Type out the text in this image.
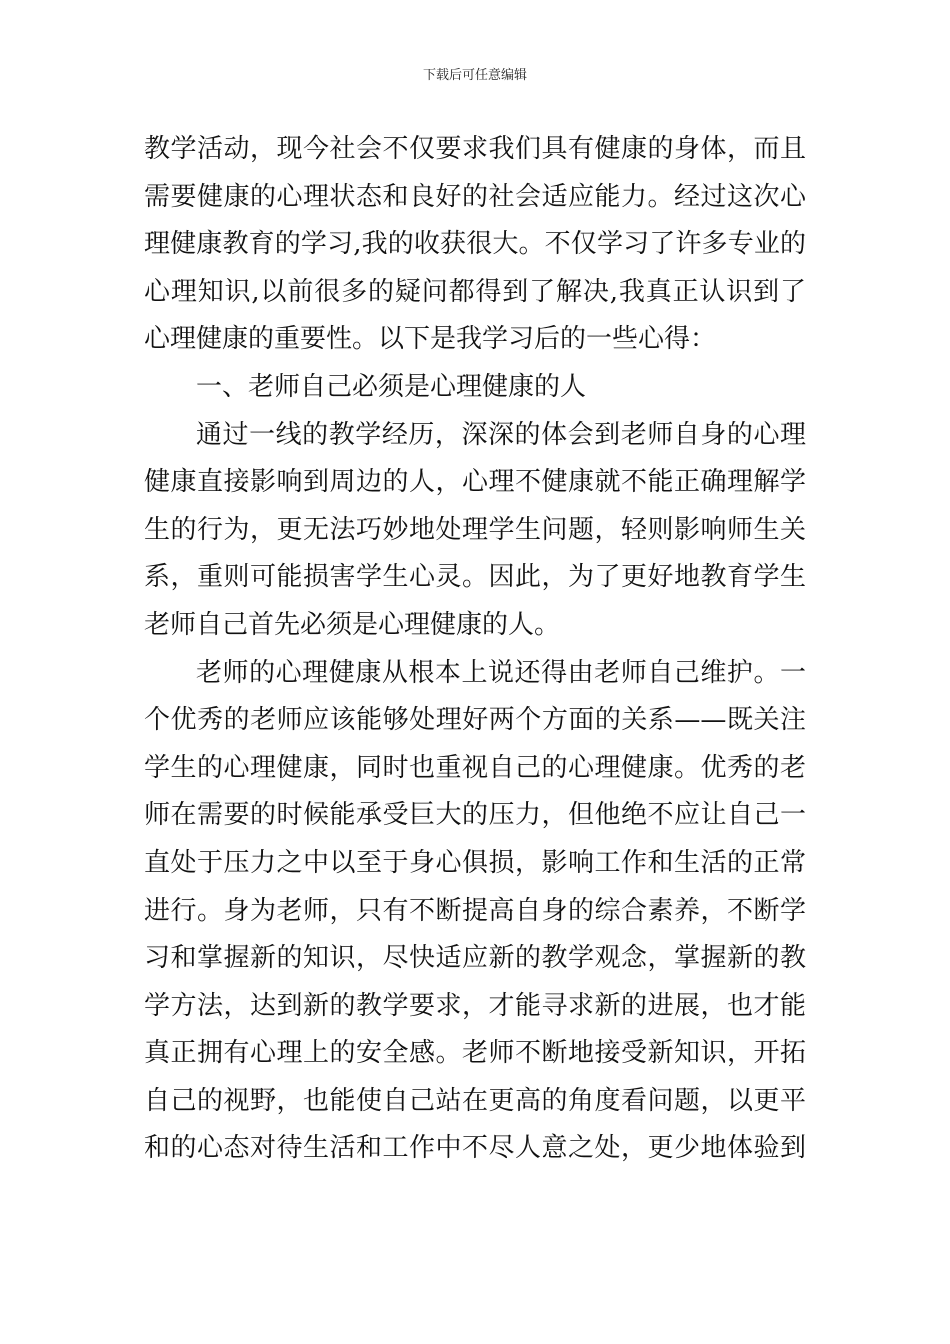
下载后可任意编辑
教学活动，现今社会不仅要求我们具有健康的身体，而且
需要健康的心理状态和良好的社会适应能力。经过这次心
理健康教育的学习,我的收获很大。不仅学习了许多专业的
心理知识,以前很多的疑问都得到了解决,我真正认识到了
心理健康的重要性。以下是我学习后的一些心得：
一、老师自己必须是心理健康的人
通过一线的教学经历，深深的体会到老师自身的心理
健康直接影响到周边的人，心理不健康就不能正确理解学
生的行为，更无法巧妙地处理学生问题，轻则影响师生关
系，重则可能损害学生心灵。因此，为了更好地教育学生
老师自己首先必须是心理健康的人。
老师的心理健康从根本上说还得由老师自己维护。一
个优秀的老师应该能够处理好两个方面的关系——既关注
学生的心理健康，同时也重视自己的心理健康。优秀的老
师在需要的时候能承受巨大的压力，但他绝不应让自己一
直处于压力之中以至于身心俱损，影响工作和生活的正常
进行。身为老师，只有不断提高自身的综合素养，不断学
习和掌握新的知识，尽快适应新的教学观念，掌握新的教
学方法，达到新的教学要求，才能寻求新的进展，也才能
真正拥有心理上的安全感。老师不断地接受新知识，开拓
自己的视野，也能使自己站在更高的角度看问题，以更平
和的心态对待生活和工作中不尽人意之处，更少地体验到
